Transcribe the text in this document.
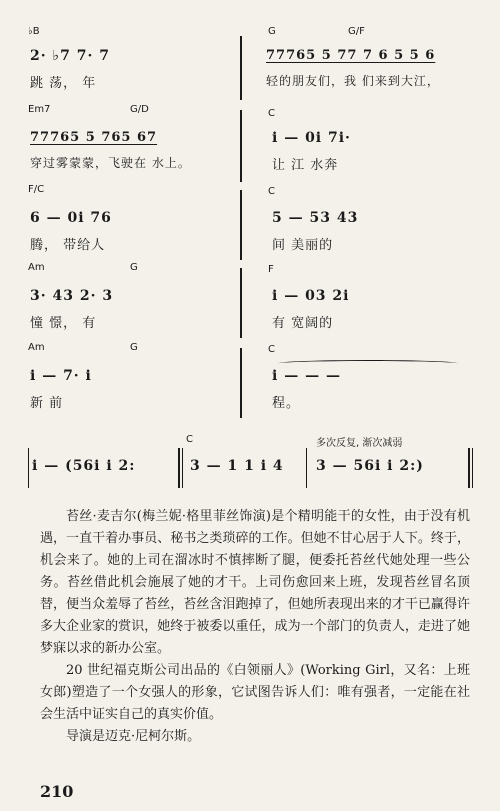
♭B	G	G/F
2· ♭7 7· 7
跳 荡， 年
77765 5 77 7 6 5 5 6
轻的朋友们，我 们来到大江，
Em7	G/D	C
77765 5 765 67
穿过雾蒙蒙，飞驶在 水上。
i — 0i 7i·
让 江 水奔
F/C	C
6 — 0i 76
腾， 带给人
5 — 53 43
间 美丽的
Am	G	F
3· 43 2· 3
憧 憬， 有
i — 03 2i
有 宽阔的
Am	G	C
i — 7· i
新 前
i — — —
程。
C	多次反复, 渐次减弱
i — (56i i 2:	3 — 1 1 i 4 3 — 56i i 2:)

苔丝·麦吉尔(梅兰妮·格里菲丝饰演)是个精明能干的女性，由于没有机遇，一直干着办事员、秘书之类琐碎的工作。但她不甘心居于人下。终于，机会来了。她的上司在溜冰时不慎摔断了腿，便委托苔丝代她处理一些公务。苔丝借此机会施展了她的才干。上司伤愈回来上班，发现苔丝冒名顶替，便当众羞辱了苔丝，苔丝含泪跑掉了，但她所表现出来的才干已赢得许多大企业家的赏识，她终于被委以重任，成为一个部门的负责人，走进了她梦寐以求的新办公室。

20 世纪福克斯公司出品的《白领丽人》(Working Girl，又名：上班女郎)塑造了一个女强人的形象，它试图告诉人们：唯有强者，一定能在社会生活中证实自己的真实价值。

导演是迈克·尼柯尔斯。

210
